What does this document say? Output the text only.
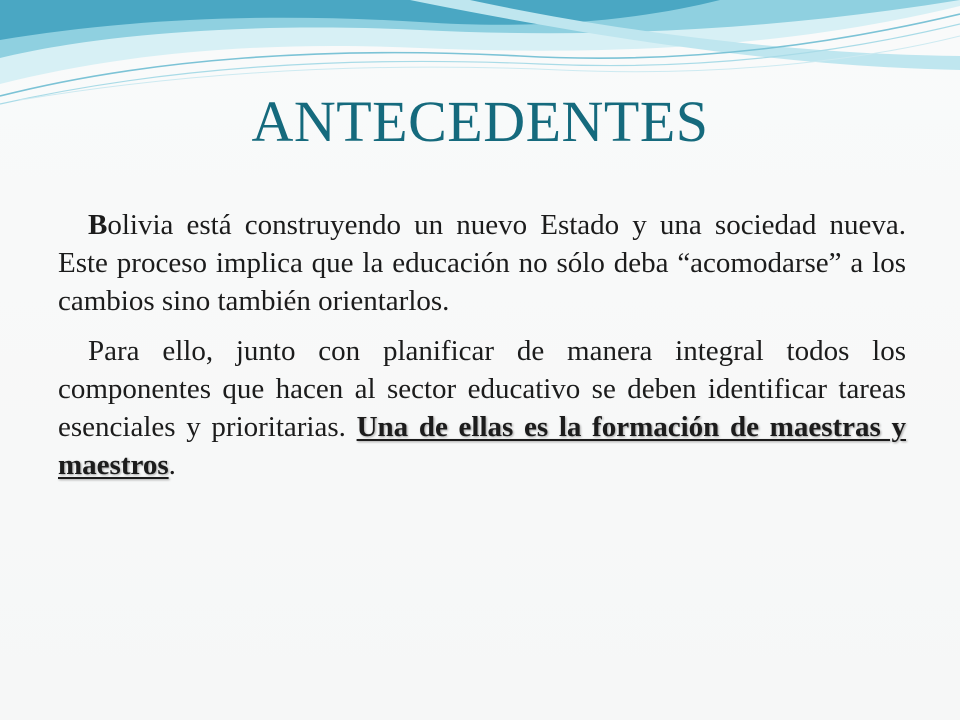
ANTECEDENTES

Bolivia está construyendo un nuevo Estado y una sociedad nueva. Este proceso implica que la educación no sólo deba “acomodarse” a los cambios sino también orientarlos.

Para ello, junto con planificar de manera integral todos los componentes que hacen al sector educativo se deben identificar tareas esenciales y prioritarias. Una de ellas es la formación de maestras y maestros.
